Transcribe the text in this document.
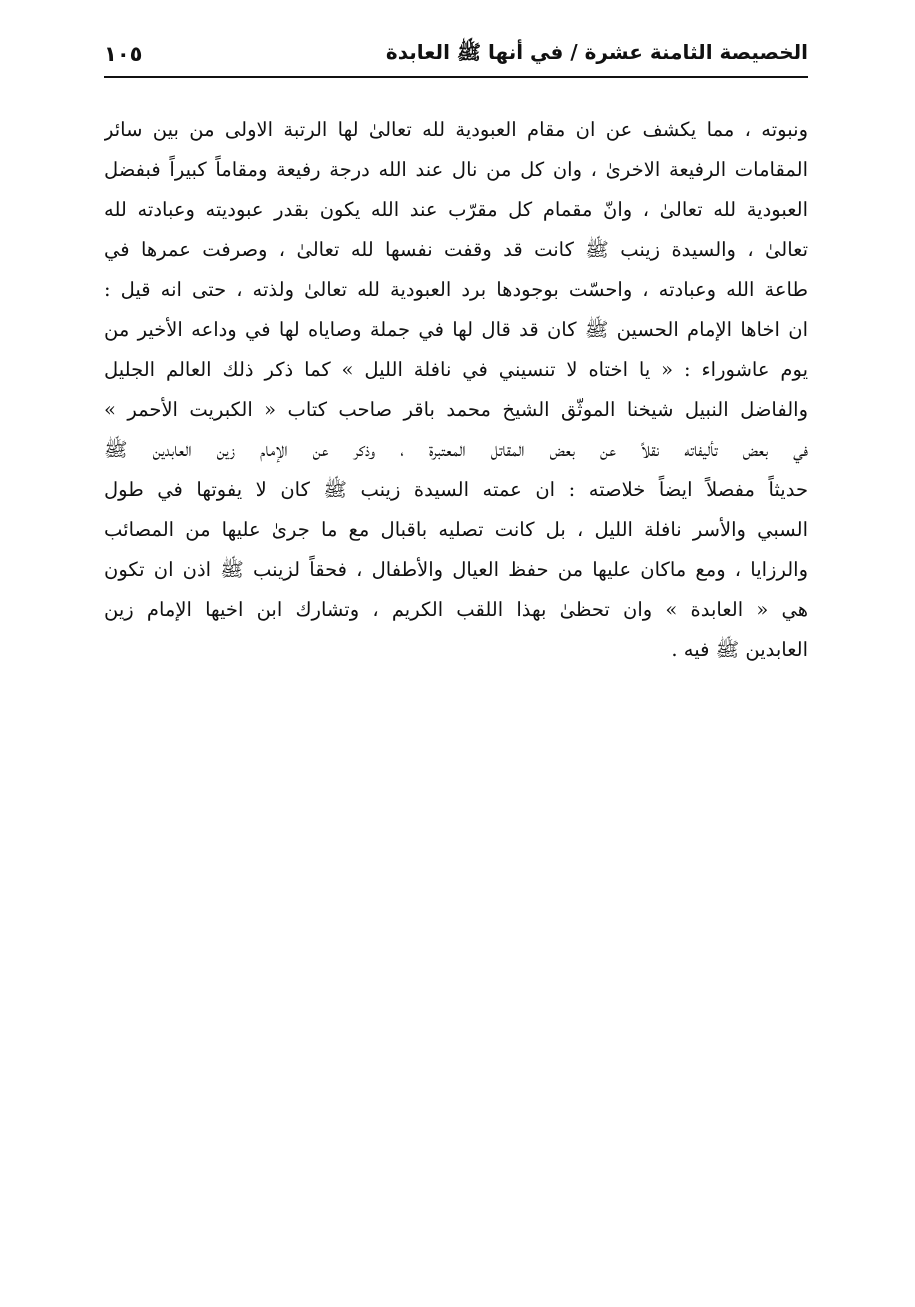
الخصيصة الثامنة عشرة / في أنها ﷺ العابدة
١٠٥
ونبوته ، مما يكشف عن ان مقام العبودية لله تعالىٰ لها الرتبة الاولى من بين سائر
المقامات الرفيعة الاخرىٰ ، وان كل من نال عند الله درجة رفيعة ومقاماً كبيراً فبفضل
العبودية لله تعالىٰ ، وانّ مقمام كل مقرّب عند الله يكون بقدر عبوديته وعبادته لله
تعالىٰ ، والسيدة زينب ﷺ كانت قد وقفت نفسها لله تعالىٰ ، وصرفت عمرها في
طاعة الله وعبادته ، واحسّت بوجودها برد العبودية لله تعالىٰ ولذته ، حتى انه قيل :
ان اخاها الإمام الحسين ﷺ كان قد قال لها في جملة وصاياه لها في وداعه الأخير من
يوم عاشوراء : « يا اختاه لا تنسيني في نافلة الليل » كما ذكر ذلك العالم الجليل
والفاضل النبيل شيخنا الموثّق الشيخ محمد باقر صاحب كتاب « الكبريت الأحمر »
في بعض تأليفاته نقلاً عن بعض المقاتل المعتبرة ، وذكر عن الإمام زين العابدين ﷺ
حديثاً مفصلاً ايضاً خلاصته : ان عمته السيدة زينب ﷺ كان لا يفوتها في طول
السبي والأسر نافلة الليل ، بل كانت تصليه باقبال مع ما جرىٰ عليها من المصائب
والرزايا ، ومع ماكان عليها من حفظ العيال والأطفال ، فحقاً لزينب ﷺ اذن ان تكون
هي « العابدة » وان تحظىٰ بهذا اللقب الكريم ، وتشارك ابن اخيها الإمام زين
العابدين ﷺ فيه .
